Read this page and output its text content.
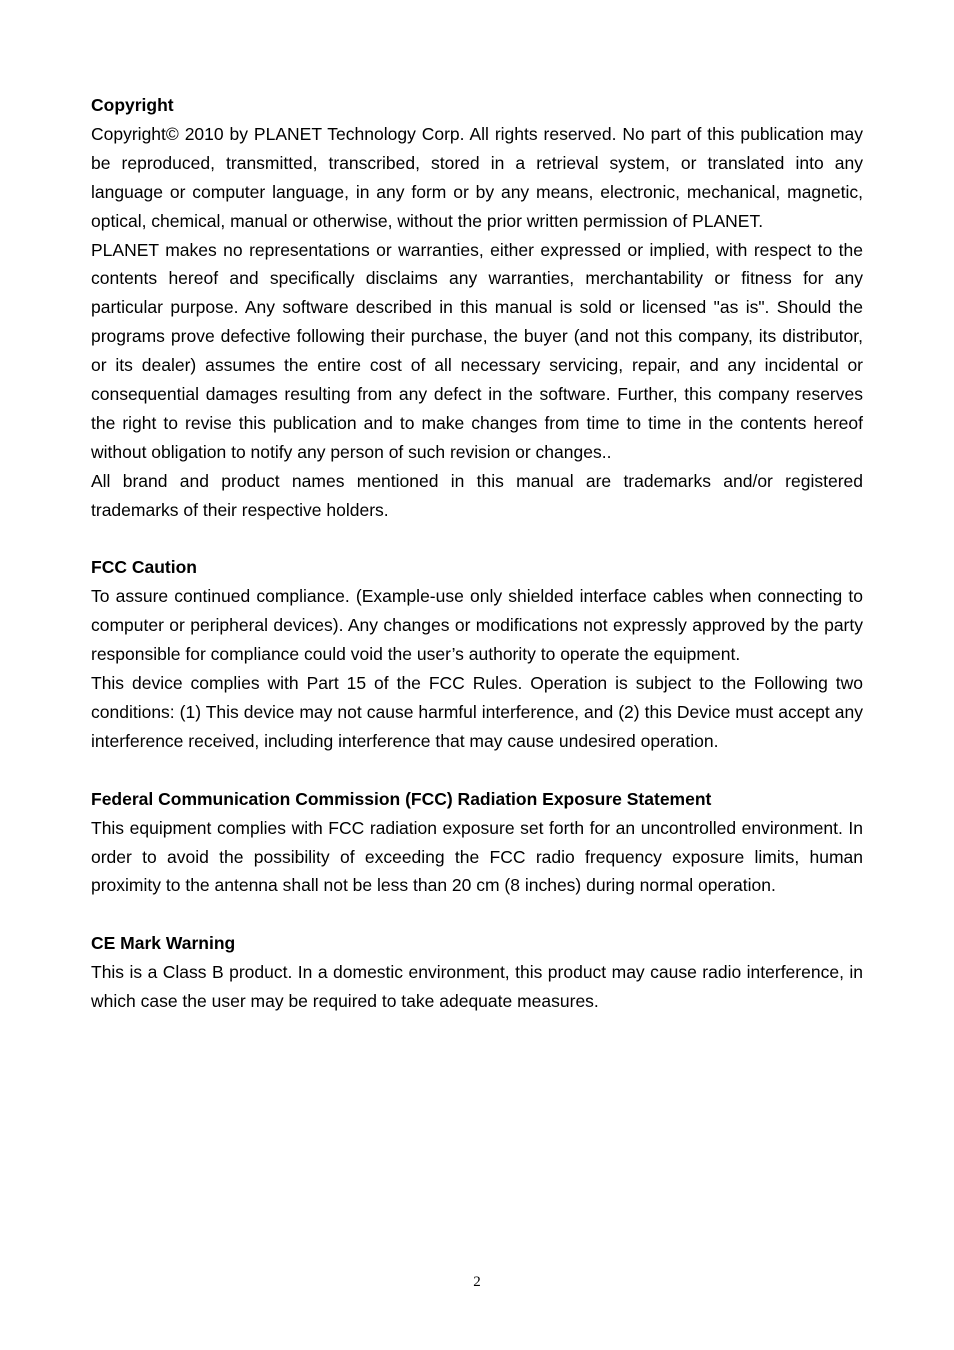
Copyright

Copyright© 2010 by PLANET Technology Corp. All rights reserved. No part of this publication may be reproduced, transmitted, transcribed, stored in a retrieval system, or translated into any language or computer language, in any form or by any means, electronic, mechanical, magnetic, optical, chemical, manual or otherwise, without the prior written permission of PLANET.

PLANET makes no representations or warranties, either expressed or implied, with respect to the contents hereof and specifically disclaims any warranties, merchantability or fitness for any particular purpose. Any software described in this manual is sold or licensed "as is". Should the programs prove defective following their purchase, the buyer (and not this company, its distributor, or its dealer) assumes the entire cost of all necessary servicing, repair, and any incidental or consequential damages resulting from any defect in the software. Further, this company reserves the right to revise this publication and to make changes from time to time in the contents hereof without obligation to notify any person of such revision or changes..

All brand and product names mentioned in this manual are trademarks and/or registered trademarks of their respective holders.

FCC Caution

To assure continued compliance. (Example-use only shielded interface cables when connecting to computer or peripheral devices). Any changes or modifications not expressly approved by the party responsible for compliance could void the user’s authority to operate the equipment.

This device complies with Part 15 of the FCC Rules. Operation is subject to the Following two conditions: (1) This device may not cause harmful interference, and (2) this Device must accept any interference received, including interference that may cause undesired operation.

Federal Communication Commission (FCC) Radiation Exposure Statement

This equipment complies with FCC radiation exposure set forth for an uncontrolled environment. In order to avoid the possibility of exceeding the FCC radio frequency exposure limits, human proximity to the antenna shall not be less than 20 cm (8 inches) during normal operation.

CE Mark Warning

This is a Class B product. In a domestic environment, this product may cause radio interference, in which case the user may be required to take adequate measures.

2
